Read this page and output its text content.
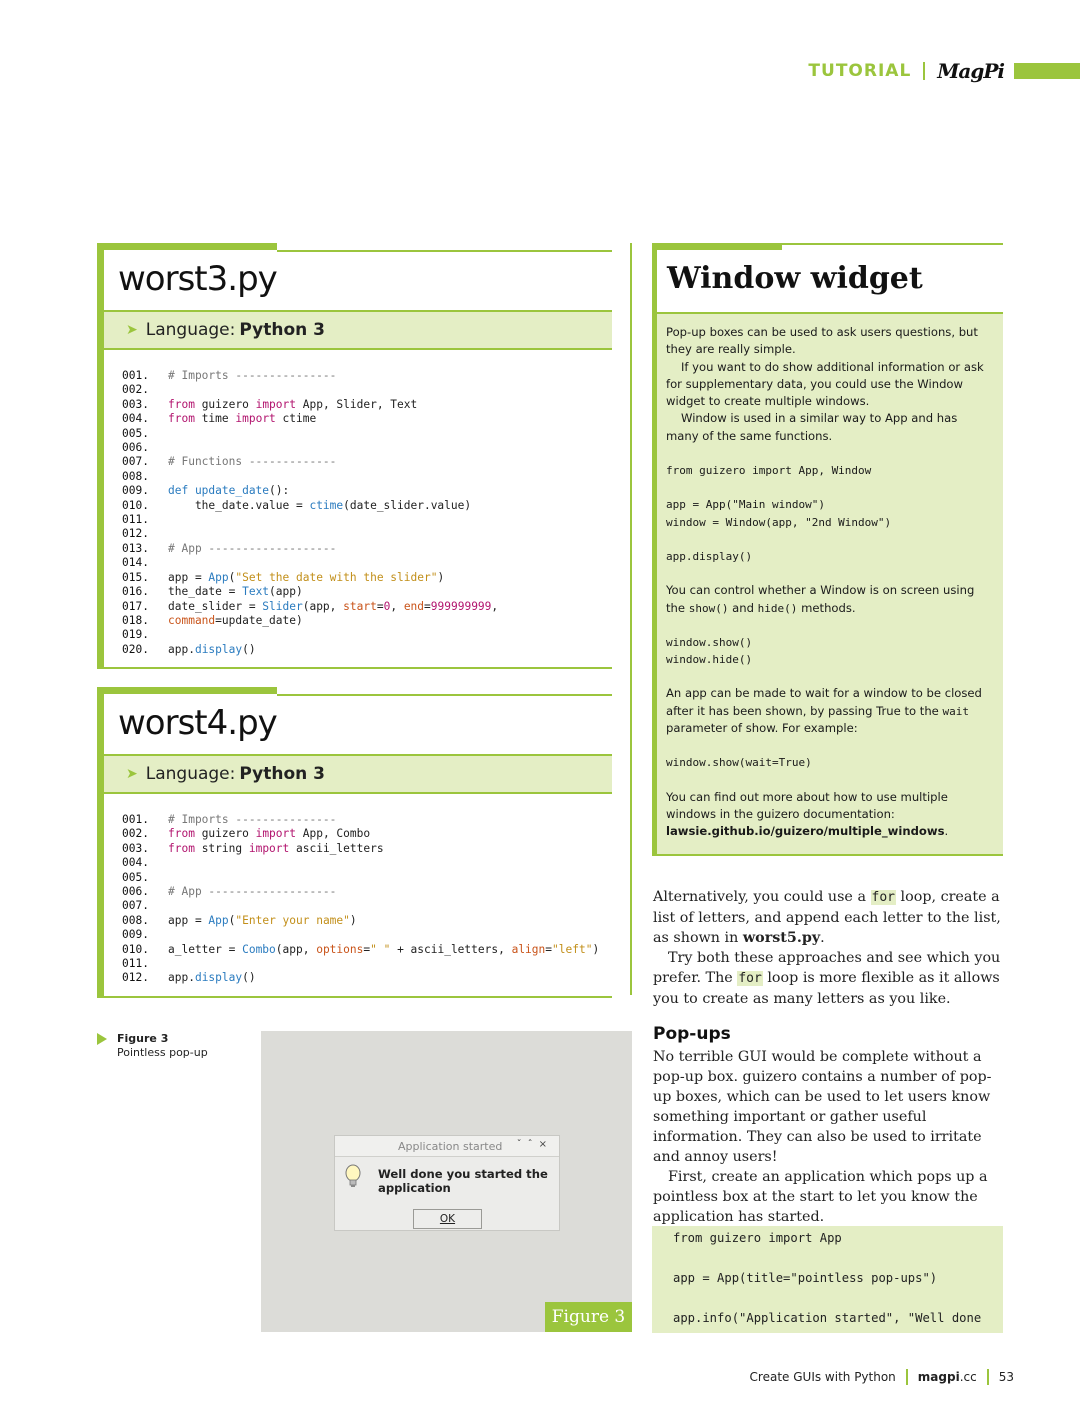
TUTORIAL MagPi
worst3.py
➤ Language: Python 3
001. # Imports ---------------
002.
003. from guizero import App, Slider, Text
004. from time import ctime
005.
006.
007. # Functions -------------
008.
009. def update_date():
010.    the_date.value = ctime(date_slider.value)
011.
012.
013. # App -------------------
014.
015. app = App("Set the date with the slider")
016. the_date = Text(app)
017. date_slider = Slider(app, start=0, end=999999999,
018. command=update_date)
019.
020. app.display()
worst4.py
➤ Language: Python 3
001. # Imports ---------------
002. from guizero import App, Combo
003. from string import ascii_letters
004.
005.
006. # App -------------------
007.
008. app = App("Enter your name")
009.
010. a_letter = Combo(app, options=" " + ascii_letters, align="left")
011.
012. app.display()
Window widget

Pop-up boxes can be used to ask users questions, but they are really simple.

If you want to do show additional information or ask for supplementary data, you could use the Window widget to create multiple windows.

Window is used in a similar way to App and has many of the same functions.

from guizero import App, Window

app = App("Main window")

window = Window(app, "2nd Window")

app.display()

You can control whether a Window is on screen using the show() and hide() methods.

window.show()

window.hide()

An app can be made to wait for a window to be closed after it has been shown, by passing True to the wait parameter of show. For example:

window.show(wait=True)

You can find out more about how to use multiple windows in the guizero documentation: lawsie.github.io/guizero/multiple_windows.

Alternatively, you could use a for loop, create a list of letters, and append each letter to the list, as shown in worst5.py.

Try both these approaches and see which you prefer. The for loop is more flexible as it allows you to create as many letters as you like.

Pop-ups

No terrible GUI would be complete without a pop-up box. guizero contains a number of pop-up boxes, which can be used to let users know something important or gather useful information. They can also be used to irritate and annoy users!

First, create an application which pops up a pointless box at the start to let you know the application has started.

from guizero import App

app = App(title="pointless pop-ups")

app.info("Application started", "Well done
Figure 3
Pointless pop-up
Application started ˇˆ×
Well done you started the application
OK
Figure 3
Create GUIs with Python magpi.cc 53
